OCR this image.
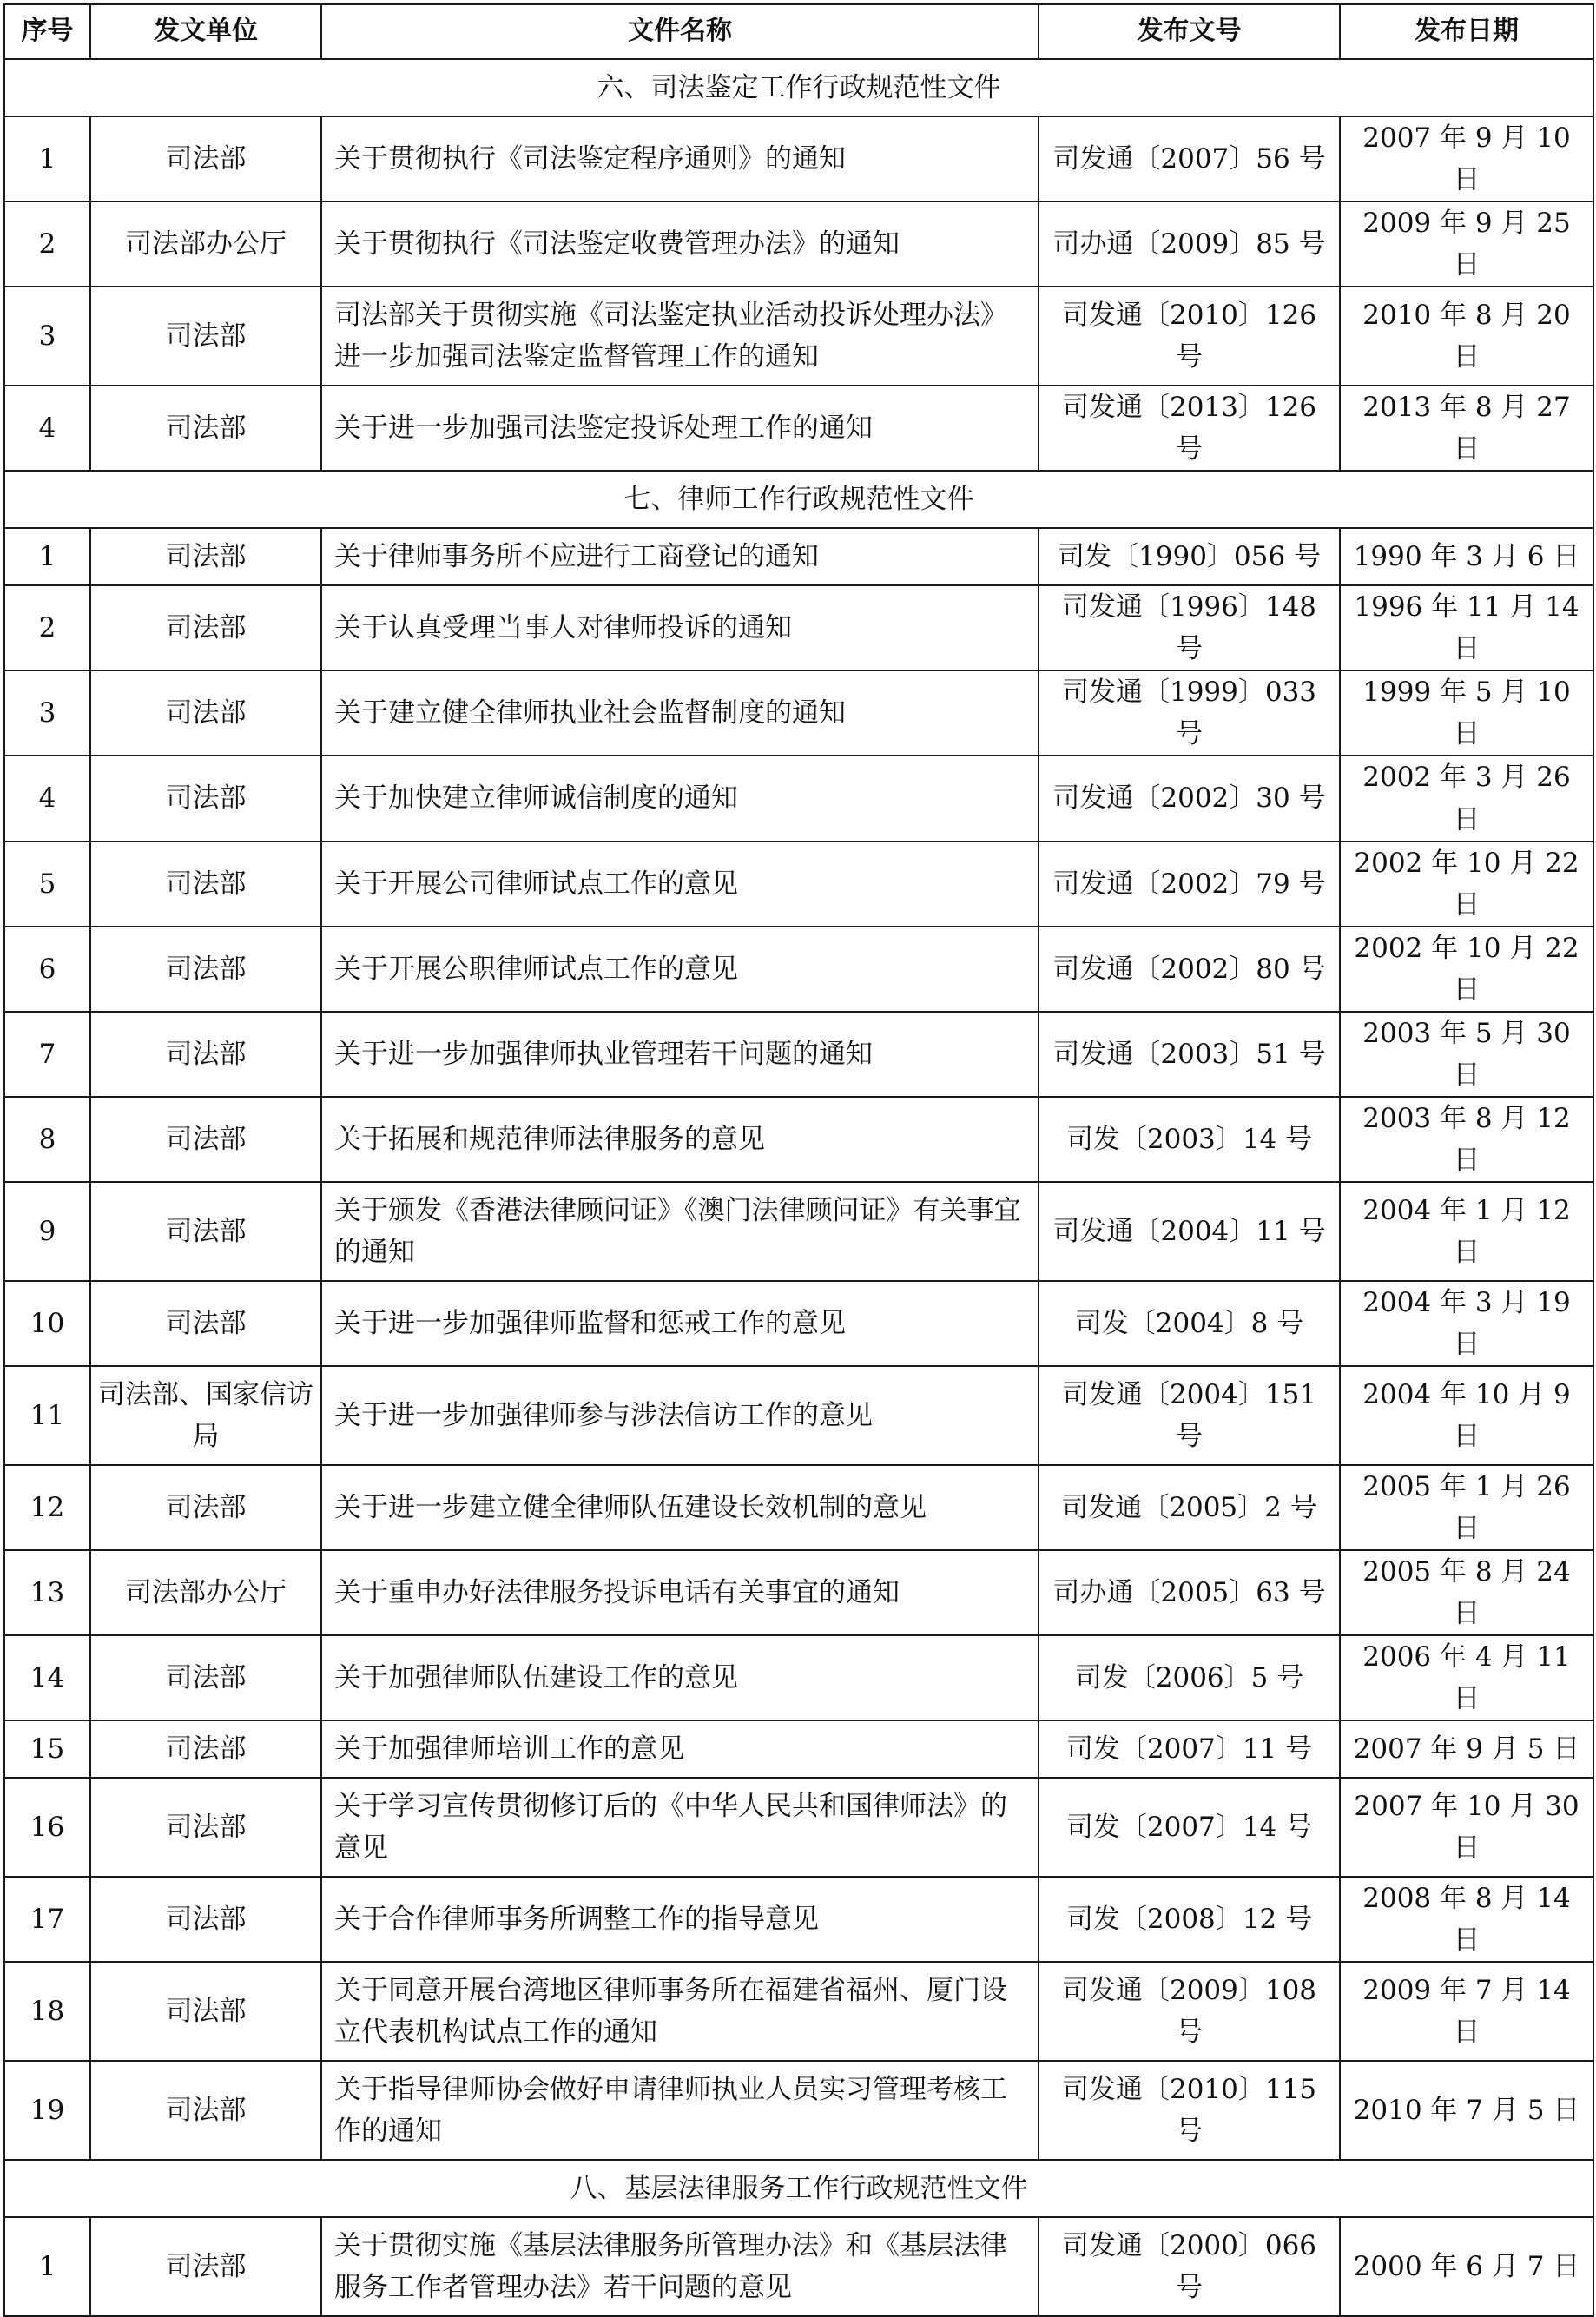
序号	发文单位	文件名称	发布文号	发布日期
六、司法鉴定工作行政规范性文件				
1	司法部	关于贯彻执行《司法鉴定程序通则》的通知	司发通〔2007〕56 号	2007 年 9 月 10 日
2	司法部办公厅	关于贯彻执行《司法鉴定收费管理办法》的通知	司办通〔2009〕85 号	2009 年 9 月 25 日
3	司法部	司法部关于贯彻实施《司法鉴定执业活动投诉处理办法》进一步加强司法鉴定监督管理工作的通知	司发通〔2010〕126 号	2010 年 8 月 20 日
4	司法部	关于进一步加强司法鉴定投诉处理工作的通知	司发通〔2013〕126 号	2013 年 8 月 27 日
七、律师工作行政规范性文件				
1	司法部	关于律师事务所不应进行工商登记的通知	司发〔1990〕056 号	1990 年 3 月 6 日
2	司法部	关于认真受理当事人对律师投诉的通知	司发通〔1996〕148 号	1996 年 11 月 14 日
3	司法部	关于建立健全律师执业社会监督制度的通知	司发通〔1999〕033 号	1999 年 5 月 10 日
4	司法部	关于加快建立律师诚信制度的通知	司发通〔2002〕30 号	2002 年 3 月 26 日
5	司法部	关于开展公司律师试点工作的意见	司发通〔2002〕79 号	2002 年 10 月 22 日
6	司法部	关于开展公职律师试点工作的意见	司发通〔2002〕80 号	2002 年 10 月 22 日
7	司法部	关于进一步加强律师执业管理若干问题的通知	司发通〔2003〕51 号	2003 年 5 月 30 日
8	司法部	关于拓展和规范律师法律服务的意见	司发〔2003〕14 号	2003 年 8 月 12 日
9	司法部	关于颁发《香港法律顾问证》《澳门法律顾问证》有关事宜的通知	司发通〔2004〕11 号	2004 年 1 月 12 日
10	司法部	关于进一步加强律师监督和惩戒工作的意见	司发〔2004〕8 号	2004 年 3 月 19 日
11	司法部、国家信访局	关于进一步加强律师参与涉法信访工作的意见	司发通〔2004〕151 号	2004 年 10 月 9 日
12	司法部	关于进一步建立健全律师队伍建设长效机制的意见	司发通〔2005〕2 号	2005 年 1 月 26 日
13	司法部办公厅	关于重申办好法律服务投诉电话有关事宜的通知	司办通〔2005〕63 号	2005 年 8 月 24 日
14	司法部	关于加强律师队伍建设工作的意见	司发〔2006〕5 号	2006 年 4 月 11 日
15	司法部	关于加强律师培训工作的意见	司发〔2007〕11 号	2007 年 9 月 5 日
16	司法部	关于学习宣传贯彻修订后的《中华人民共和国律师法》的意见	司发〔2007〕14 号	2007 年 10 月 30 日
17	司法部	关于合作律师事务所调整工作的指导意见	司发〔2008〕12 号	2008 年 8 月 14 日
18	司法部	关于同意开展台湾地区律师事务所在福建省福州、厦门设立代表机构试点工作的通知	司发通〔2009〕108 号	2009 年 7 月 14 日
19	司法部	关于指导律师协会做好申请律师执业人员实习管理考核工作的通知	司发通〔2010〕115 号	2010 年 7 月 5 日
八、基层法律服务工作行政规范性文件				
1	司法部	关于贯彻实施《基层法律服务所管理办法》和《基层法律服务工作者管理办法》若干问题的意见	司发通〔2000〕066 号	2000 年 6 月 7 日
